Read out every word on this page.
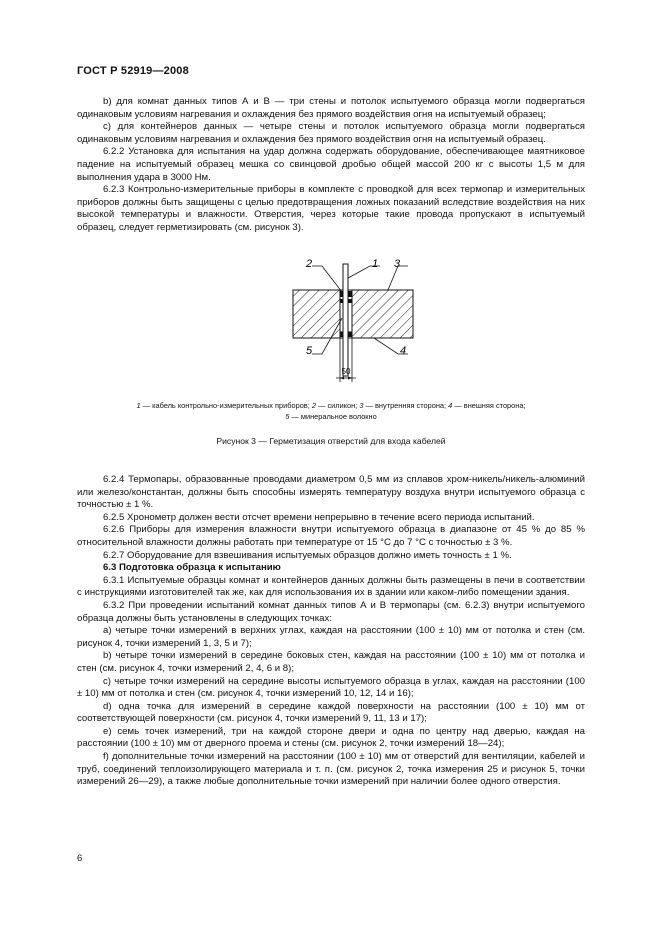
ГОСТ Р 52919—2008

b) для комнат данных типов А и В — три стены и потолок испытуемого образца могли подвергаться одинаковым условиям нагревания и охлаждения без прямого воздействия огня на испытуемый образец;

c) для контейнеров данных — четыре стены и потолок испытуемого образца могли подвергаться одинаковым условиям нагревания и охлаждения без прямого воздействия огня на испытуемый образец.

6.2.2 Установка для испытания на удар должна содержать оборудование, обеспечивающее маятниковое падение на испытуемый образец мешка со свинцовой дробью общей массой 200 кг с высоты 1,5 м для выполнения удара в 3000 Нм.

6.2.3 Контрольно-измерительные приборы в комплекте с проводкой для всех термопар и измерительных приборов должны быть защищены с целью предотвращения ложных показаний вследствие воздействия на них высокой температуры и влажности. Отверстия, через которые такие провода пропускают в испытуемый образец, следует герметизировать (см. рисунок 3).

50
2	1 3
5	4
1 — кабель контрольно-измерительных приборов; 2 — силикон; 3 — внутренняя сторона; 4 — внешняя сторона;
5 — минеральное волокно
Рисунок 3 — Герметизация отверстий для входа кабелей

6.2.4 Термопары, образованные проводами диаметром 0,5 мм из сплавов хром-никель/никель-алюминий или железо/константан, должны быть способны измерять температуру воздуха внутри испытуемого образца с точностью ± 1 %.

6.2.5 Хронометр должен вести отсчет времени непрерывно в течение всего периода испытаний.

6.2.6 Приборы для измерения влажности внутри испытуемого образца в диапазоне от 45 % до 85 % относительной влажности должны работать при температуре от 15 °С до 7 °С с точностью ± 3 %.

6.2.7 Оборудование для взвешивания испытуемых образцов должно иметь точность ± 1 %.

6.3 Подготовка образца к испытанию

6.3.1 Испытуемые образцы комнат и контейнеров данных должны быть размещены в печи в соответствии с инструкциями изготовителей так же, как для использования их в здании или каком-либо помещении здания.

6.3.2 При проведении испытаний комнат данных типов А и В термопары (см. 6.2.3) внутри испытуемого образца должны быть установлены в следующих точках:

а) четыре точки измерений в верхних углах, каждая на расстоянии (100 ± 10) мм от потолка и стен (см. рисунок 4, точки измерений 1, 3, 5 и 7);

b) четыре точки измерений в середине боковых стен, каждая на расстоянии (100 ± 10) мм от потолка и стен (см. рисунок 4, точки измерений 2, 4, 6 и 8);

c) четыре точки измерений на середине высоты испытуемого образца в углах, каждая на расстоянии (100 ± 10) мм от потолка и стен (см. рисунок 4, точки измерений 10, 12, 14 и 16);

d) одна точка для измерений в середине каждой поверхности на расстоянии (100 ± 10) мм от соответствующей поверхности (см. рисунок 4, точки измерений 9, 11, 13 и 17);

е) семь точек измерений, три на каждой стороне двери и одна по центру над дверью, каждая на расстоянии (100 ± 10) мм от дверного проема и стены (см. рисунок 2, точки измерений 18—24);

f) дополнительные точки измерений на расстоянии (100 ± 10) мм от отверстий для вентиляции, кабелей и труб, соединений теплоизолирующего материала и т. п. (см. рисунок 2, точка измерения 25 и рисунок 5, точки измерений 26—29), а также любые дополнительные точки измерений при наличии более одного отверстия.

6
